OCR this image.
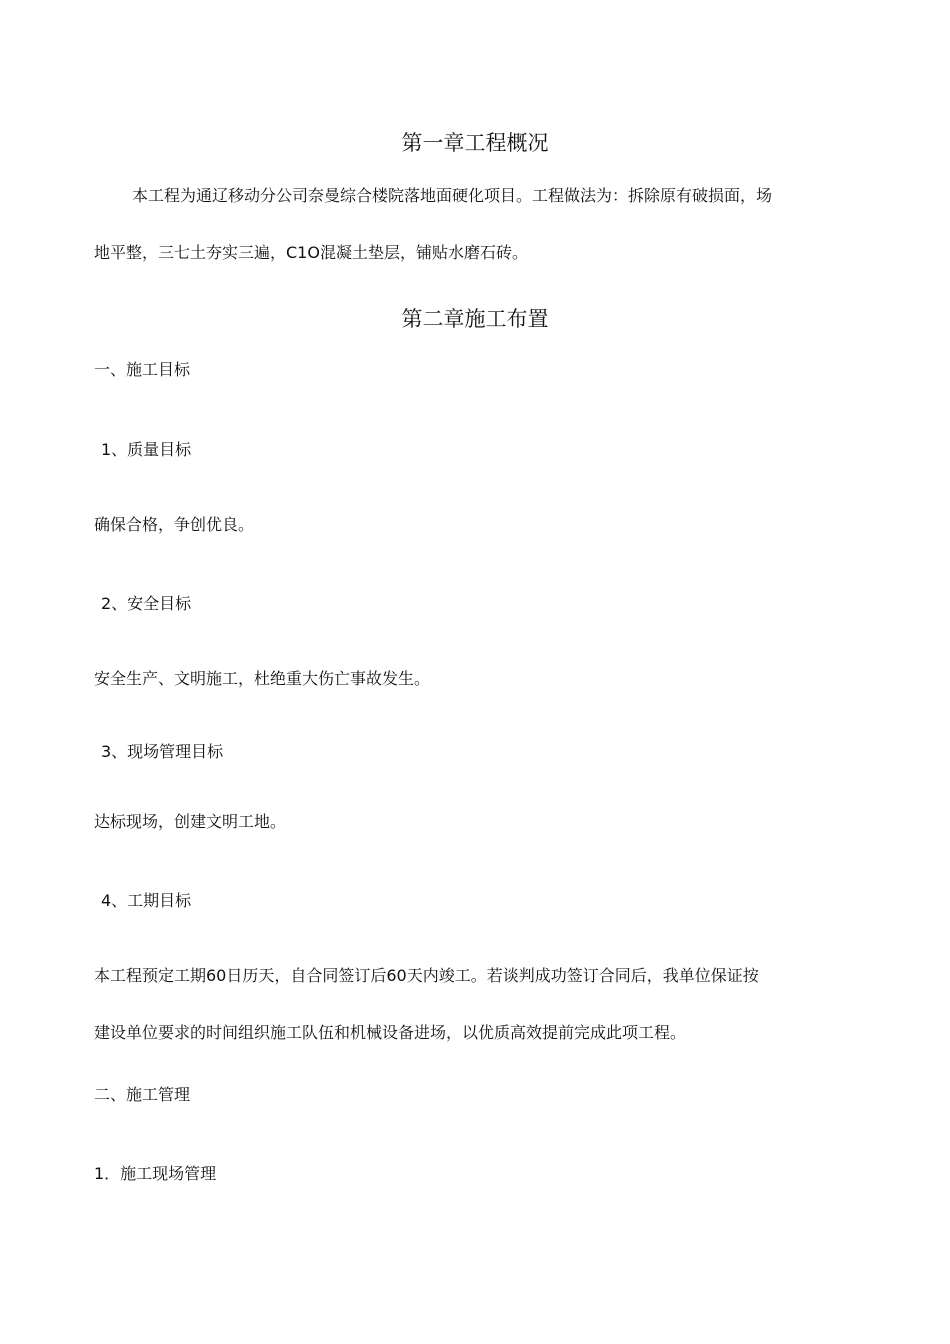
第一章工程概况
本工程为通辽移动分公司奈曼综合楼院落地面硬化项目。工程做法为：拆除原有破损面，场
地平整，三七土夯实三遍，C1O混凝土垫层，铺贴水磨石砖。
第二章施工布置
一、施工目标
1、质量目标
确保合格，争创优良。
2、安全目标
安全生产、文明施工，杜绝重大伤亡事故发生。
3、现场管理目标
达标现场，创建文明工地。
4、工期目标
本工程预定工期60日历天，自合同签订后60天内竣工。若谈判成功签订合同后，我单位保证按
建设单位要求的时间组织施工队伍和机械设备进场，以优质高效提前完成此项工程。
二、施工管理
1．施工现场管理
